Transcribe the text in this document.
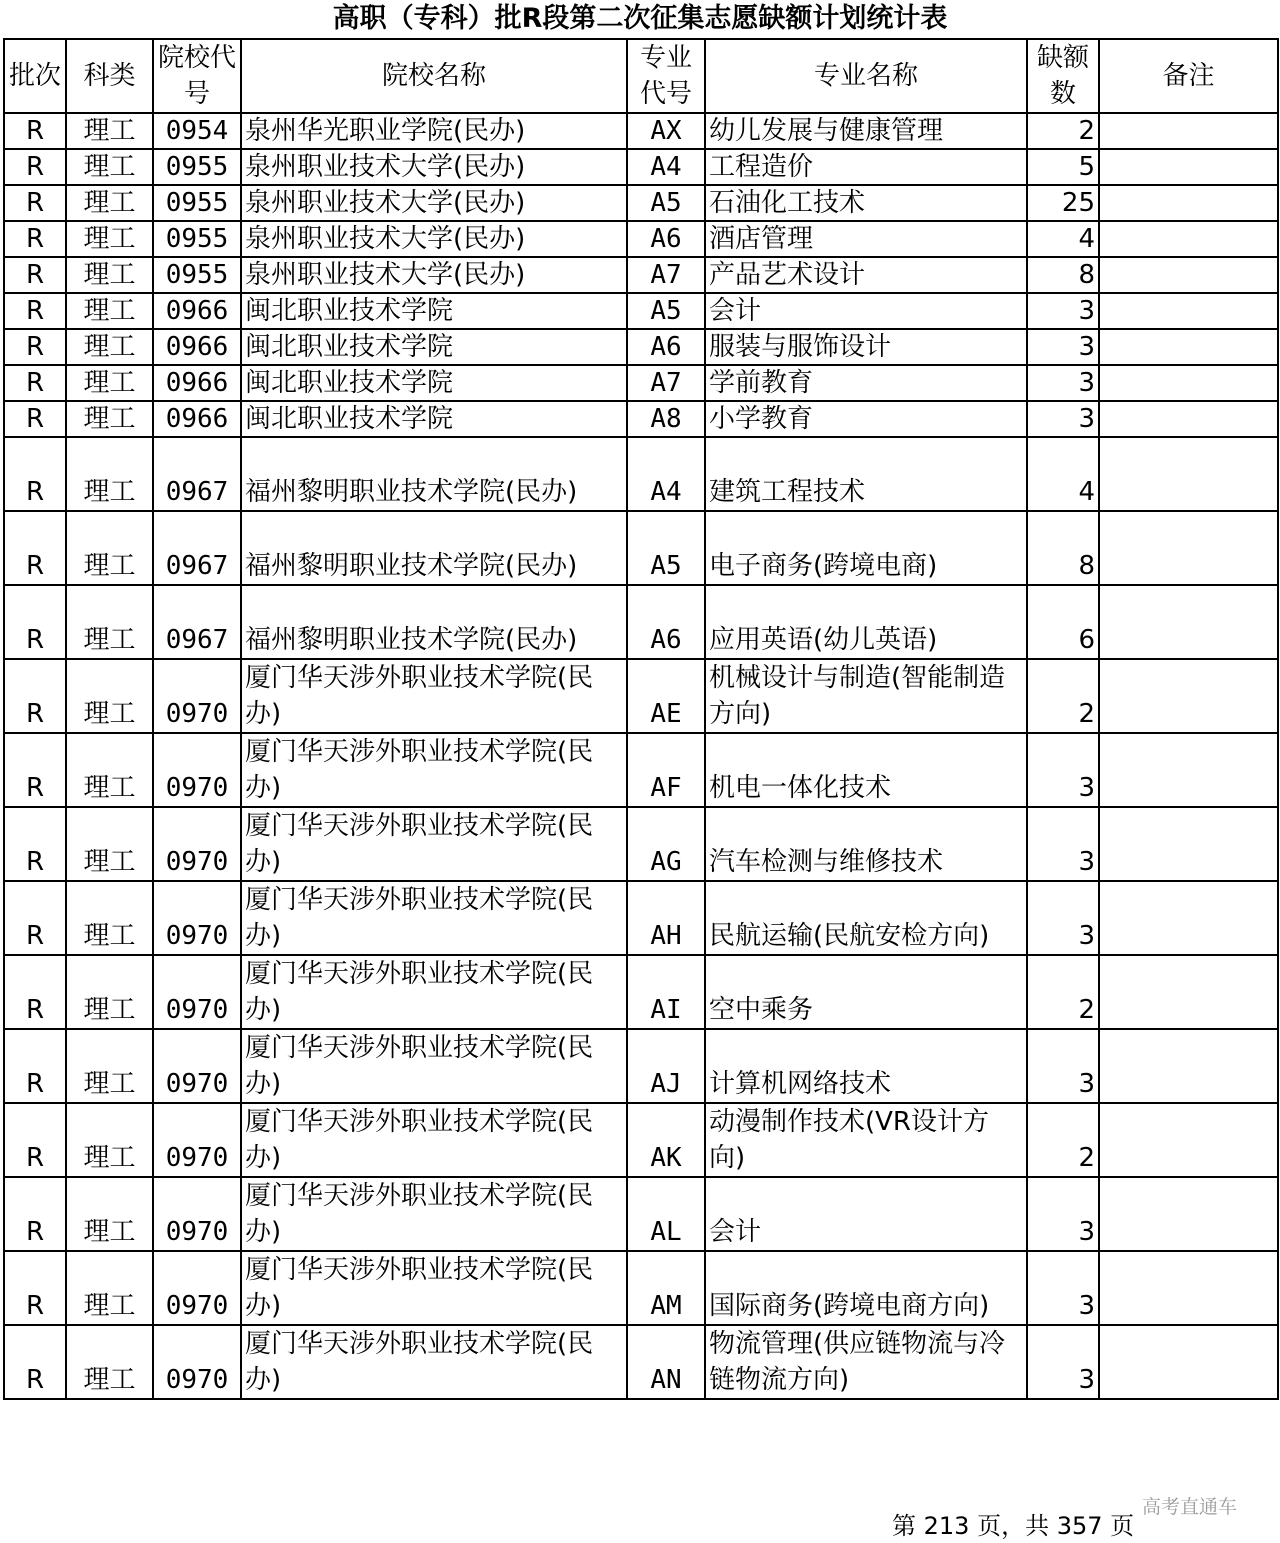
高职（专科）批R段第二次征集志愿缺额计划统计表
批次	科类	院校代号	院校名称	专业代号	专业名称	缺额数	备注
R	理工	0954	泉州华光职业学院(民办)	AX	幼儿发展与健康管理	2	
R	理工	0955	泉州职业技术大学(民办)	A4	工程造价	5	
R	理工	0955	泉州职业技术大学(民办)	A5	石油化工技术	25	
R	理工	0955	泉州职业技术大学(民办)	A6	酒店管理	4	
R	理工	0955	泉州职业技术大学(民办)	A7	产品艺术设计	8	
R	理工	0966	闽北职业技术学院	A5	会计	3	
R	理工	0966	闽北职业技术学院	A6	服装与服饰设计	3	
R	理工	0966	闽北职业技术学院	A7	学前教育	3	
R	理工	0966	闽北职业技术学院	A8	小学教育	3	
R	理工	0967	福州黎明职业技术学院(民办)	A4	建筑工程技术	4	
R	理工	0967	福州黎明职业技术学院(民办)	A5	电子商务(跨境电商)	8	
R	理工	0967	福州黎明职业技术学院(民办)	A6	应用英语(幼儿英语)	6	
R	理工	0970	厦门华天涉外职业技术学院(民办)	AE	机械设计与制造(智能制造方向)	2	
R	理工	0970	厦门华天涉外职业技术学院(民办)	AF	机电一体化技术	3	
R	理工	0970	厦门华天涉外职业技术学院(民办)	AG	汽车检测与维修技术	3	
R	理工	0970	厦门华天涉外职业技术学院(民办)	AH	民航运输(民航安检方向)	3	
R	理工	0970	厦门华天涉外职业技术学院(民办)	AI	空中乘务	2	
R	理工	0970	厦门华天涉外职业技术学院(民办)	AJ	计算机网络技术	3	
R	理工	0970	厦门华天涉外职业技术学院(民办)	AK	动漫制作技术(VR设计方向)	2	
R	理工	0970	厦门华天涉外职业技术学院(民办)	AL	会计	3	
R	理工	0970	厦门华天涉外职业技术学院(民办)	AM	国际商务(跨境电商方向)	3	
R	理工	0970	厦门华天涉外职业技术学院(民办)	AN	物流管理(供应链物流与冷链物流方向)	3	
高考直通车
第 213 页，共 357 页
